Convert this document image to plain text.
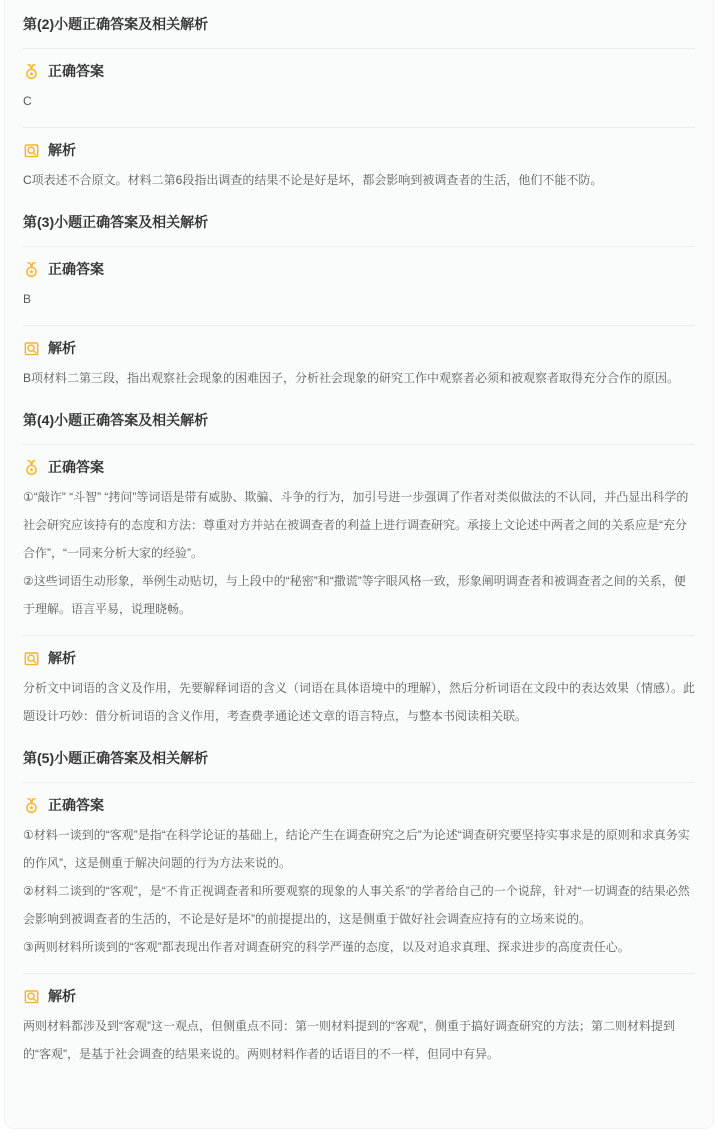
第(2)小题正确答案及相关解析
正确答案

C

解析

C项表述不合原文。材料二第6段指出调查的结果不论是好是坏，都会影响到被调查者的生活，他们不能不防。

第(3)小题正确答案及相关解析
正确答案

B

解析

B项材料二第三段，指出观察社会现象的困难因子，分析社会现象的研究工作中观察者必须和被观察者取得充分合作的原因。

第(4)小题正确答案及相关解析
正确答案

①“敲诈” “斗智” “拷问”等词语是带有威胁、欺骗、斗争的行为，加引号进一步强调了作者对类似做法的不认同，并凸显出科学的社会研究应该持有的态度和方法：尊重对方并站在被调查者的利益上进行调查研究。承接上文论述中两者之间的关系应是“充分合作”，“一同来分析大家的经验”。

②这些词语生动形象，举例生动贴切，与上段中的“秘密”和“撒谎”等字眼风格一致，形象阐明调查者和被调查者之间的关系，便于理解。语言平易，说理晓畅。

解析

分析文中词语的含义及作用，先要解释词语的含义（词语在具体语境中的理解），然后分析词语在文段中的表达效果（情感）。此题设计巧妙：借分析词语的含义作用，考查费孝通论述文章的语言特点，与整本书阅读相关联。

第(5)小题正确答案及相关解析
正确答案

①材料一谈到的“客观”是指“在科学论证的基础上，结论产生在调查研究之后”为论述“调查研究要坚持实事求是的原则和求真务实的作风”，这是侧重于解决问题的行为方法来说的。

②材料二谈到的“客观”，是“不肯正视调查者和所要观察的现象的人事关系”的学者给自己的一个说辞，针对“一切调查的结果必然会影响到被调查者的生活的，不论是好是坏”的前提提出的，这是侧重于做好社会调查应持有的立场来说的。

③两则材料所谈到的“客观”都表现出作者对调查研究的科学严谨的态度，以及对追求真理、探求进步的高度责任心。

解析

两则材料都涉及到“客观”这一观点，但侧重点不同：第一则材料提到的“客观”，侧重于搞好调查研究的方法；第二则材料提到的“客观”，是基于社会调查的结果来说的。两则材料作者的话语目的不一样，但同中有异。
